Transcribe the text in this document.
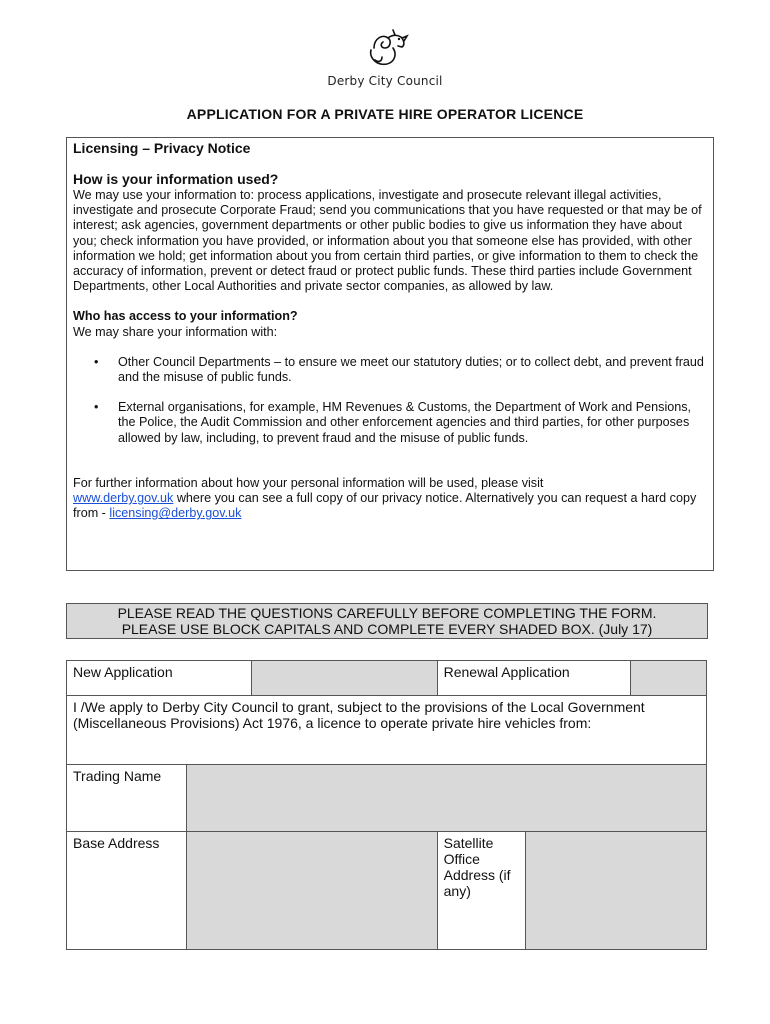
Derby City Council
APPLICATION FOR A PRIVATE HIRE OPERATOR LICENCE
Licensing – Privacy Notice
How is your information used?

We may use your information to: process applications, investigate and prosecute relevant illegal activities, investigate and prosecute Corporate Fraud; send you communications that you have requested or that may be of interest; ask agencies, government departments or other public bodies to give us information they have about you; check information you have provided, or information about you that someone else has provided, with other information we hold; get information about you from certain third parties, or give information to them to check the accuracy of information, prevent or detect fraud or protect public funds. These third parties include Government Departments, other Local Authorities and private sector companies, as allowed by law.

Who has access to your information?

We may share your information with:

• Other Council Departments – to ensure we meet our statutory duties; or to collect debt, and prevent fraud and the misuse of public funds.
• External organisations, for example, HM Revenues & Customs, the Department of Work and Pensions, the Police, the Audit Commission and other enforcement agencies and third parties, for other purposes allowed by law, including, to prevent fraud and the misuse of public funds.

For further information about how your personal information will be used, please visit
www.derby.gov.uk where you can see a full copy of our privacy notice. Alternatively you can request a hard copy from - licensing@derby.gov.uk

PLEASE READ THE QUESTIONS CAREFULLY BEFORE COMPLETING THE FORM.
PLEASE USE BLOCK CAPITALS AND COMPLETE EVERY SHADED BOX. (July 17)
New Application			Renewal Application		
I /We apply to Derby City Council to grant, subject to the provisions of the Local Government (Miscellaneous Provisions) Act 1976, a licence to operate private hire vehicles from:					
Trading Name					
Base Address			Satellite Office Address (if any)		
